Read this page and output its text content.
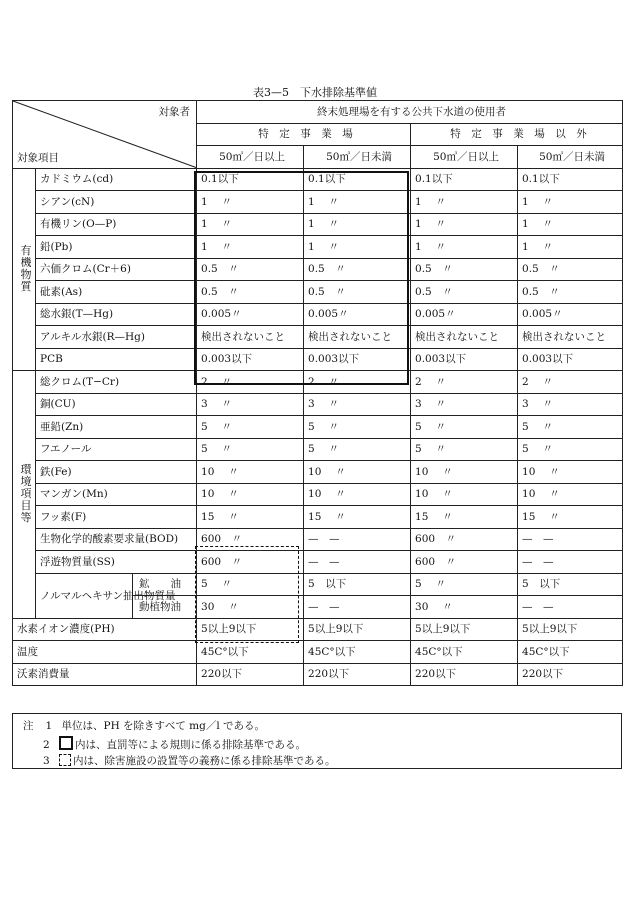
表3—5　下水排除基準値
対象者
対象項目			終末処理場を有する公共下水道の使用者			
			特　定　事　業　場		特　定　事　業　場　以　外	
			50㎥／日以上	50㎥／日未満	50㎥／日以上	50㎥／日未満

有
機
物
質	カドミウム(cd)		0.1以下	0.1以下	0.1以下	0.1以下
	シアン(cN)		1　 〃	1　 〃	1　 〃	1　 〃
	有機リン(O—P)		1　 〃	1　 〃	1　 〃	1　 〃
	鉛(Pb)		1　 〃	1　 〃	1　 〃	1　 〃
	六価クロム(Cr＋6)		0.5　〃	0.5　〃	0.5　〃	0.5　〃
	砒素(As)		0.5　〃	0.5　〃	0.5　〃	0.5　〃
	総水銀(T—Hg)		0.005〃	0.005〃	0.005〃	0.005〃
	アルキル水銀(R—Hg)		検出されないこと	検出されないこと	検出されないこと	検出されないこと
	PCB		0.003以下	0.003以下	0.003以下	0.003以下

環
境
項
目
等	総クロム(T−Cr)		2　 〃	2　 〃	2　 〃	2　 〃
	銅(CU)		3　 〃	3　 〃	3　 〃	3　 〃
	亜鉛(Zn)		5　 〃	5　 〃	5　 〃	5　 〃
	フエノール		5　 〃	5　 〃	5　 〃	5　 〃
	鉄(Fe)		10　 〃	10　 〃	10　 〃	10　 〃
	マンガン(Mn)		10　 〃	10　 〃	10　 〃	10　 〃
	フッ素(F)		15　 〃	15　 〃	15　 〃	15　 〃
	生物化学的酸素要求量(BOD)		600　〃	—　—	600　〃	—　—
	浮遊物質量(SS)		600　〃	—　—	600　〃	—　—
	ノルマルヘキサン抽出物質量	鉱　　油	5　 〃	5　以下	5　 〃	5　以下
		動植物油	30　 〃	—　—	30　 〃	—　—
水素イオン濃度(PH)			5以上9以下	5以上9以下	5以上9以下	5以上9以下
温度			45C°以下	45C°以下	45C°以下	45C°以下
沃素消費量			220以下	220以下	220以下	220以下
注 1 単位は、PH を除きすべて mg／l である。
2 内は、直罰等による規則に係る排除基準である。
3 内は、除害施設の設置等の義務に係る排除基準である。
